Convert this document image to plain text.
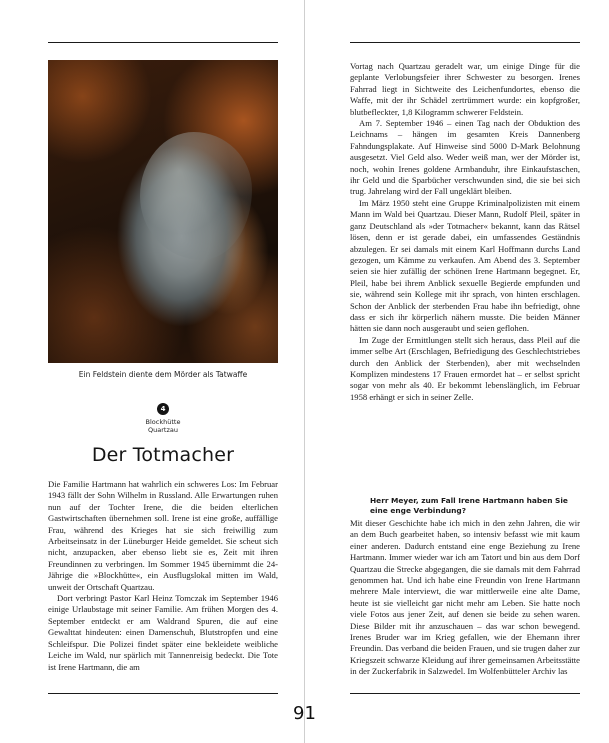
Ein Feldstein diente dem Mörder als Tatwaffe
4
Blockhütte
Quartzau
Der Totmacher

Die Familie Hartmann hat wahrlich ein schweres Los: Im Februar 1943 fällt der Sohn Wilhelm in Russland. Alle Erwartungen ruhen nun auf der Tochter Irene, die die beiden elterlichen Gastwirtschaften übernehmen soll. Irene ist eine große, auffällige Frau, während des Krieges hat sie sich freiwillig zum Arbeitseinsatz in der Lüneburger Heide gemeldet. Sie scheut sich nicht, anzupacken, aber ebenso liebt sie es, Zeit mit ihren Freundinnen zu verbringen. Im Sommer 1945 übernimmt die 24-Jährige die »Blockhütte«, ein Ausflugslokal mitten im Wald, unweit der Ortschaft Quartzau.

Dort verbringt Pastor Karl Heinz Tomczak im September 1946 einige Urlaubstage mit seiner Familie. Am frühen Morgen des 4. September entdeckt er am Waldrand Spuren, die auf eine Gewalttat hindeuten: einen Damenschuh, Blutstropfen und eine Schleifspur. Die Polizei findet später eine bekleidete weibliche Leiche im Wald, nur spärlich mit Tannenreisig bedeckt. Die Tote ist Irene Hartmann, die am

Vortag nach Quartzau geradelt war, um einige Dinge für die geplante Verlobungsfeier ihrer Schwester zu besorgen. Irenes Fahrrad liegt in Sichtweite des Leichenfundortes, ebenso die Waffe, mit der ihr Schädel zertrümmert wurde: ein kopfgroßer, blutbefleckter, 1,8 Kilogramm schwerer Feldstein.

Am 7. September 1946 – einen Tag nach der Obduktion des Leichnams – hängen im gesamten Kreis Dannenberg Fahndungsplakate. Auf Hinweise sind 5000 D-Mark Belohnung ausgesetzt. Viel Geld also. Weder weiß man, wer der Mörder ist, noch, wohin Irenes goldene Armbanduhr, ihre Einkaufstaschen, ihr Geld und die Sparbücher verschwunden sind, die sie bei sich trug. Jahrelang wird der Fall ungeklärt bleiben.

Im März 1950 steht eine Gruppe Kriminalpolizisten mit einem Mann im Wald bei Quartzau. Dieser Mann, Rudolf Pleil, später in ganz Deutschland als »der Totmacher« bekannt, kann das Rätsel lösen, denn er ist gerade dabei, ein umfassendes Geständnis abzulegen. Er sei damals mit einem Karl Hoffmann durchs Land gezogen, um Kämme zu verkaufen. Am Abend des 3. September seien sie hier zufällig der schönen Irene Hartmann begegnet. Er, Pleil, habe bei ihrem Anblick sexuelle Begierde empfunden und sie, während sein Kollege mit ihr sprach, von hinten erschlagen. Schon der Anblick der sterbenden Frau habe ihn befriedigt, ohne dass er sich ihr körperlich nähern musste. Die beiden Männer hätten sie dann noch ausgeraubt und seien geflohen.

Im Zuge der Ermittlungen stellt sich heraus, dass Pleil auf die immer selbe Art (Erschlagen, Befriedigung des Geschlechtstriebes durch den Anblick der Sterbenden), aber mit wechselnden Komplizen mindestens 17 Frauen ermordet hat – er selbst spricht sogar von mehr als 40. Er bekommt lebenslänglich, im Februar 1958 erhängt er sich in seiner Zelle.

Herr Meyer, zum Fall Irene Hartmann haben Sie
eine enge Verbindung?

Mit dieser Geschichte habe ich mich in den zehn Jahren, die wir an dem Buch gearbeitet haben, so intensiv befasst wie mit kaum einer anderen. Dadurch entstand eine enge Beziehung zu Irene Hartmann. Immer wieder war ich am Tatort und bin aus dem Dorf Quartzau die Strecke abgegangen, die sie damals mit dem Fahrrad genommen hat. Und ich habe eine Freundin von Irene Hartmann mehrere Male interviewt, die war mittlerweile eine alte Dame, heute ist sie vielleicht gar nicht mehr am Leben. Sie hatte noch viele Fotos aus jener Zeit, auf denen sie beide zu sehen waren. Diese Bilder mit ihr anzuschauen – das war schon bewegend. Irenes Bruder war im Krieg gefallen, wie der Ehemann ihrer Freundin. Das verband die beiden Frauen, und sie trugen daher zur Kriegszeit schwarze Kleidung auf ihrer gemeinsamen Arbeitsstätte in der Zuckerfabrik in Salzwedel. Im Wolfenbütteler Archiv las

91
